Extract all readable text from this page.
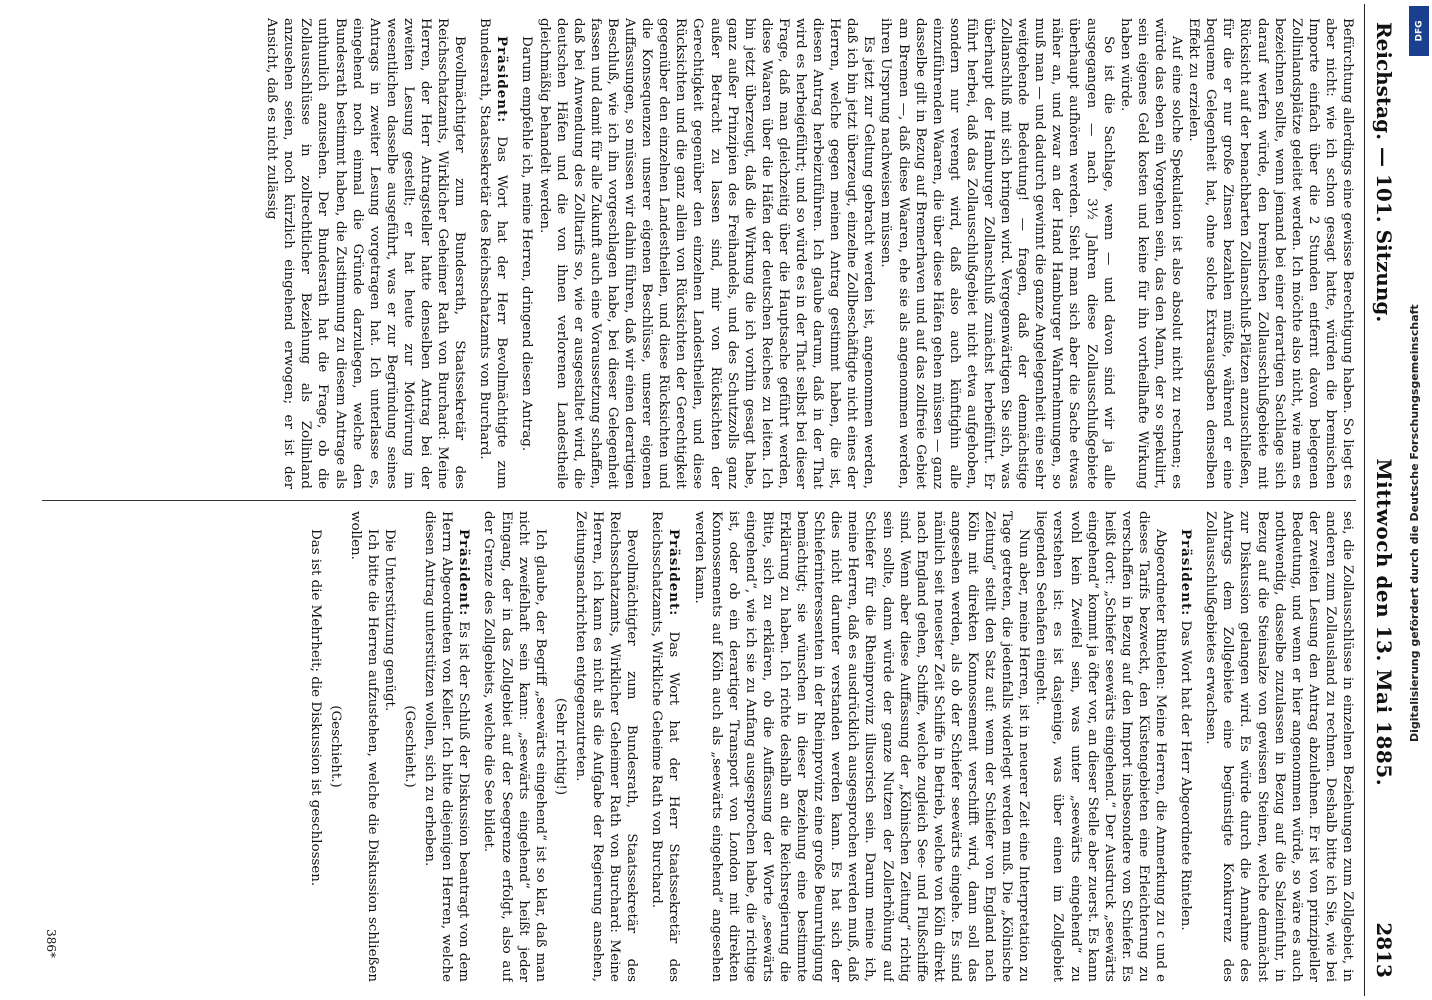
Reichstag. — 101. Sitzung.
Mittwoch den 13. Mai 1885.
2813

Befürchtung allerdings eine gewisse Berechtigung haben. So liegt es aber nicht: wie ich schon gesagt hatte, würden die bremischen Importe einfach über die 2 Stunden entfernt davon belegenen Zollinlandsplätze geleitet werden. Ich möchte also nicht, wie man es bezeichnen sollte, wenn jemand bei einer derartigen Sachlage sich darauf werfen würde, den bremischen Zollausschlußgebiete mit Rücksicht auf der benachbarten Zollanschluß-Plätzen anzuschließen, für die er nur große Zinsen bezahlen müßte, während er eine bequeme Gelegenheit hat, ohne solche Extraausgaben denselben Effekt zu erzielen.

Auf eine solche Spekulation ist also absolut nicht zu rechnen; es würde das eben ein Vorgehen sein, das den Mann, der so spekulirt, sein eigenes Geld kosten und keine für ihn vortheilhafte Wirkung haben würde.

So ist die Sachlage, wenn — und davon sind wir ja alle ausgegangen — nach 3½ Jahren diese Zollausschlußgebiete überhaupt aufhören werden. Sieht man sich aber die Sache etwas näher an, und zwar an der Hand Hamburger Wahrnehmungen, so muß man — und dadurch gewinnt die ganze Angelegenheit eine sehr weitgehende Bedeutung! — fragen, daß der demnächstige Zollanschluß mit sich bringen wird. Vergegenwärtigen Sie sich, was überhaupt der Hamburger Zollanschluß zunächst herbeiführt. Er führt herbei, daß das Zollausschlußgebiet nicht etwa aufgehoben, sondern nur verengt wird, daß also auch künftighin alle einzuführenden Waaren, die über diese Häfen gehen müssen — ganz dasselbe gilt in Bezug auf Bremerhaven und auf das zollfreie Gebiet am Bremen —, daß diese Waaren, ehe sie als angenommen werden, ihren Ursprung nachweisen müssen.

Es jetzt zur Geltung gebracht werden ist, angenommen werden, daß ich bin jetzt überzeugt, einzelne Zollbeschäftigte nicht eines der Herren, welche gegen meinen Antrag gestimmt haben, die ist, diesen Antrag herbeizuführen. Ich glaube darum, daß in der That wird es herbeigeführt; und so würde es in der That selbst bei dieser Frage, daß man gleichzeitig über die Hauptsache geführt werden, diese Waaren über die Häfen der deutschen Reiches zu leiten. Ich bin jetzt überzeugt, daß die Wirkung die ich vorhin gesagt habe, ganz außer Prinzipien des Freihandels, und des Schutzzolls ganz außer Betracht zu lassen sind, mir von Rücksichten der Gerechtigkeit gegenüber den einzelnen Landestheilen, und diese Rücksichten und die ganz allein von Rücksichten der Gerechtigkeit gegenüber den einzelnen Landestheilen, und diese Rücksichten und die Konsequenzen unserer eigenen Beschlüsse, unserer eigenen Auffassungen, so müssen wir dahin führen, daß wir einen derartigen Beschluß, wie ich ihn vorgeschlagen habe, bei dieser Gelegenheit fassen und damit für alle Zukunft auch eine Voraussetzung schaffen, daß bei Anwendung des Zolltarifs so, wie er ausgestaltet wird, die deutschen Häfen und die von ihnen verlorenen Landestheile gleichmäßig behandelt werden.

Darum empfehle ich, meine Herren, dringend diesen Antrag.

Präsident: Das Wort hat der Herr Bevollmächtigte zum Bundesrath, Staatssekretär des Reichsschatzamts von Burchard.

Bevollmächtigter zum Bundesrath, Staatssekretär des Reichsschatzamts, Wirklicher Geheimer Rath von Burchard: Meine Herren, der Herr Antragsteller hatte denselben Antrag bei der zweiten Lesung gestellt; er hat heute zur Motivirung im wesentlichen dasselbe ausgeführt, was er zur Begründung seines Antrags in zweiter Lesung vorgetragen hat. Ich unterlasse es, eingehend noch einmal die Gründe darzulegen, welche den Bundesrath bestimmt haben, die Zustimmung zu diesem Antrage als unthunlich anzusehen. Der Bundesrath hat die Frage, ob die Zollausschlüsse in zollrechtlicher Beziehung als Zollinland anzusehen seien, noch kürzlich eingehend erwogen; er ist der Ansicht, daß es nicht zulässig

sei, die Zollausschlüsse in einzelnen Beziehungen zum Zollgebiet, in anderen zum Zollausland zu rechnen. Deshalb bitte ich Sie, wie bei der zweiten Lesung den Antrag abzulehnen. Er ist von prinzipieller Bedeutung, und wenn er hier angenommen würde, so wäre es auch nothwendig, dasselbe zuzulassen in Bezug auf die Salzeinfuhr, in Bezug auf die Steinsalze von gewissen Steinen, welche demnächst zur Diskussion gelangen wird. Es würde durch die Annahme des Antrags dem Zollgebiete eine begünstigte Konkurrenz des Zollausschlußgebietes erwachsen.

Präsident: Das Wort hat der Herr Abgeordnete Rintelen.

Abgeordneter Rintelen: Meine Herren, die Anmerkung zu c und e dieses Tarifs bezweckt, den Küstengebieten eine Erleichterung zu verschaffen in Bezug auf den Import insbesondere von Schiefer. Es heißt dort: „Schiefer seewärts eingehend.“ Der Ausdruck „seewärts eingehend“ kommt ja öfter vor, an dieser Stelle aber zuerst. Es kann wohl kein Zweifel sein, was unter „seewärts eingehend“ zu verstehen ist: es ist dasjenige, was über einen im Zollgebiet liegenden Seehafen eingeht.

Nun aber, meine Herren, ist in neuerer Zeit eine Interpretation zu Tage getreten, die jedenfalls widerlegt werden muß. Die „Kölnische Zeitung“ stellt den Satz auf: wenn der Schiefer von England nach Köln mit direkten Konnossement verschifft wird, dann soll das angesehen werden, als ob der Schiefer seewärts eingehe. Es sind nämlich seit neuester Zeit Schiffe in Betrieb, welche von Köln direkt nach England gehen, Schiffe, welche zugleich See- und Flußschiffe sind. Wenn aber diese Auffassung der „Kölnischen Zeitung“ richtig sein sollte, dann würde der ganze Nutzen der Zollerhöhung auf Schiefer für die Rheinprovinz illusorisch sein. Darum meine ich, meine Herren, daß es ausdrücklich ausgesprochen werden muß, daß dies nicht darunter verstanden werden kann. Es hat sich der Schieferinteressenten in der Rheinprovinz eine große Beunruhigung bemächtigt; sie wünschen in dieser Beziehung eine bestimmte Erklärung zu haben. Ich richte deshalb an die Reichsregierung die Bitte, sich zu erklären, ob die Auffassung der Worte „seewärts eingehend“, wie ich sie zu Anfang ausgesprochen habe, die richtige ist, oder ob ein derartiger Transport von London mit direkten Konnossements auf Köln auch als „seewärts eingehend“ angesehen werden kann.

Präsident: Das Wort hat der Herr Staatssekretär des Reichsschatzamts, Wirkliche Geheime Rath von Burchard.

Bevollmächtigter zum Bundesrath, Staatssekretär des Reichsschatzamts, Wirklicher Geheimer Rath von Burchard: Meine Herren, ich kann es nicht als die Aufgabe der Regierung ansehen, Zeitungsnachrichten entgegenzutreten.

(Sehr richtig!)

Ich glaube, der Begriff „seewärts eingehend“ ist so klar, daß man nicht zweifelhaft sein kann: „seewärts eingehend“ heißt jeder Eingang, der in das Zollgebiet auf der Seegrenze erfolgt, also auf der Grenze des Zollgebiets, welche die See bildet.

Präsident: Es ist der Schluß der Diskussion beantragt von dem Herrn Abgeordneten von Keller. Ich bitte diejenigen Herren, welche diesen Antrag unterstützen wollen, sich zu erheben.

(Geschieht.)

Die Unterstützung genügt.

Ich bitte die Herren aufzustehen, welche die Diskussion schließen wollen.

(Geschieht.)

Das ist die Mehrheit; die Diskussion ist geschlossen.

386*
DFG
Digitalisierung gefördert durch die Deutsche Forschungsgemeinschaft
